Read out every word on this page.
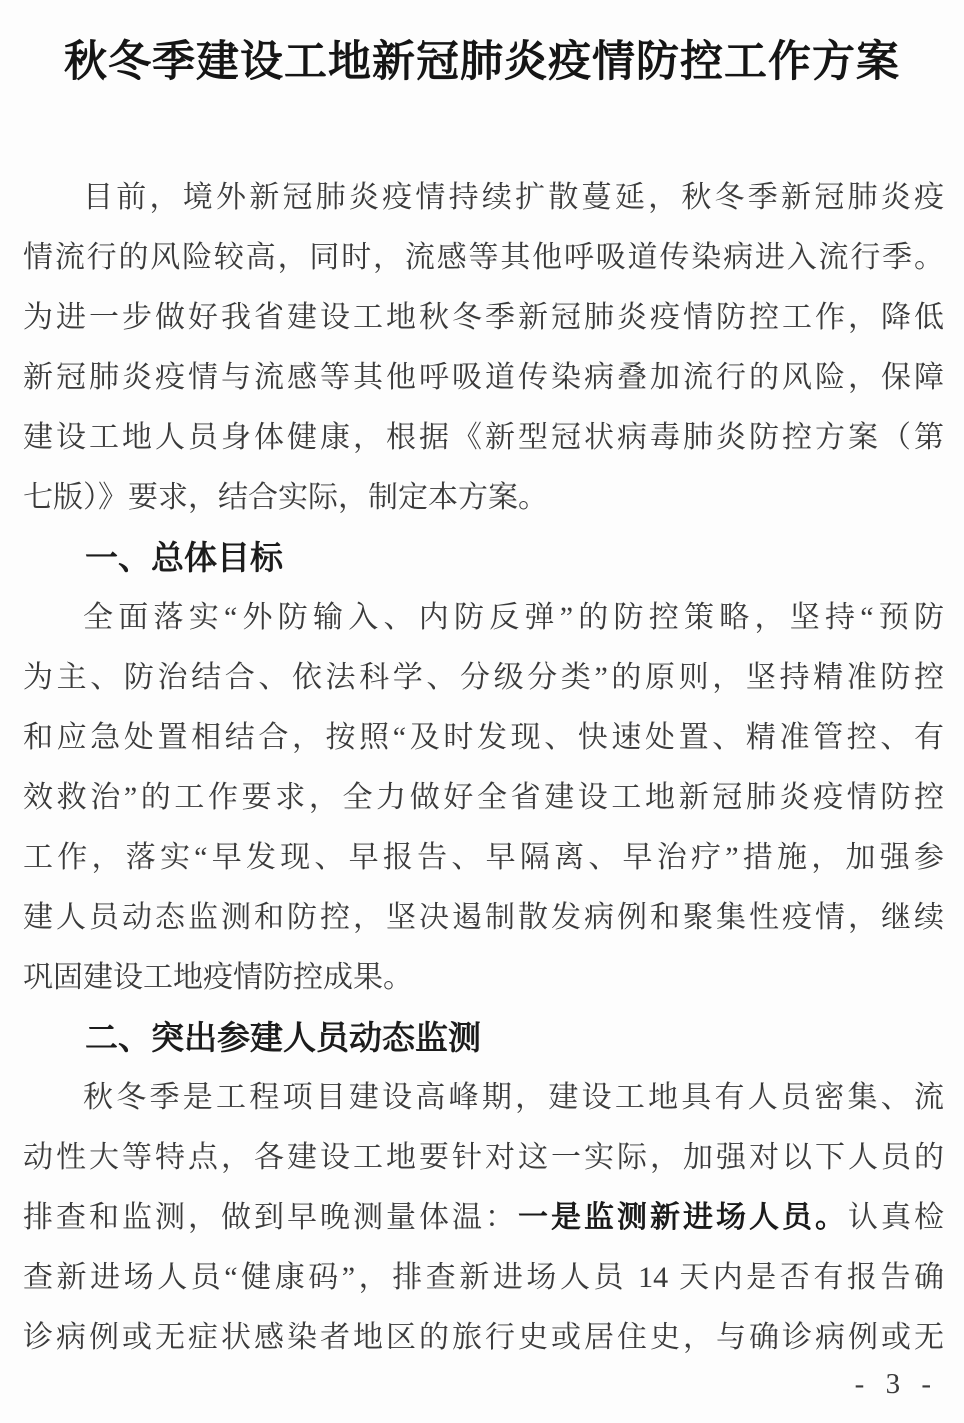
秋冬季建设工地新冠肺炎疫情防控工作方案
目前，境外新冠肺炎疫情持续扩散蔓延，秋冬季新冠肺炎疫
情流行的风险较高，同时，流感等其他呼吸道传染病进入流行季。
为进一步做好我省建设工地秋冬季新冠肺炎疫情防控工作，降低
新冠肺炎疫情与流感等其他呼吸道传染病叠加流行的风险，保障
建设工地人员身体健康，根据《新型冠状病毒肺炎防控方案（第
七版）》要求，结合实际，制定本方案。
一、总体目标
全面落实“外防输入、内防反弹”的防控策略，坚持“预防
为主、防治结合、依法科学、分级分类”的原则，坚持精准防控
和应急处置相结合，按照“及时发现、快速处置、精准管控、有
效救治”的工作要求，全力做好全省建设工地新冠肺炎疫情防控
工作，落实“早发现、早报告、早隔离、早治疗”措施，加强参
建人员动态监测和防控，坚决遏制散发病例和聚集性疫情，继续
巩固建设工地疫情防控成果。
二、突出参建人员动态监测
秋冬季是工程项目建设高峰期，建设工地具有人员密集、流
动性大等特点，各建设工地要针对这一实际，加强对以下人员的
排查和监测，做到早晚测量体温：一是监测新进场人员。认真检
查新进场人员“健康码”，排查新进场人员 14 天内是否有报告确
诊病例或无症状感染者地区的旅行史或居住史，与确诊病例或无
- 3 -
